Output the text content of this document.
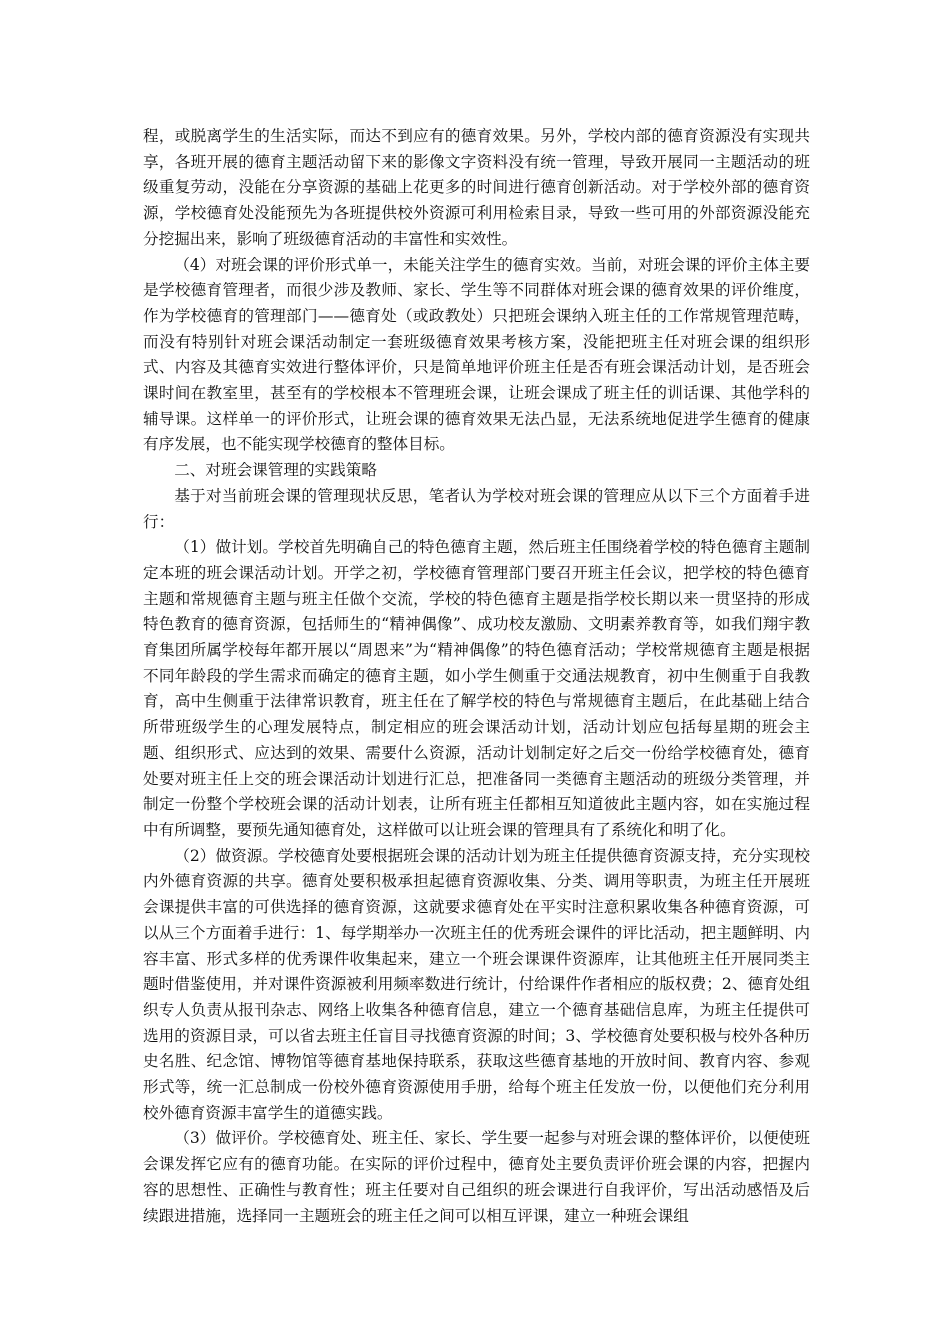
程，或脱离学生的生活实际，而达不到应有的德育效果。另外，学校内部的德育资源没有实现共享，各班开展的德育主题活动留下来的影像文字资料没有统一管理，导致开展同一主题活动的班级重复劳动，没能在分享资源的基础上花更多的时间进行德育创新活动。对于学校外部的德育资源，学校德育处没能预先为各班提供校外资源可利用检索目录，导致一些可用的外部资源没能充分挖掘出来，影响了班级德育活动的丰富性和实效性。

（4）对班会课的评价形式单一，未能关注学生的德育实效。当前，对班会课的评价主体主要是学校德育管理者，而很少涉及教师、家长、学生等不同群体对班会课的德育效果的评价维度，作为学校德育的管理部门——德育处（或政教处）只把班会课纳入班主任的工作常规管理范畴，而没有特别针对班会课活动制定一套班级德育效果考核方案，没能把班主任对班会课的组织形式、内容及其德育实效进行整体评价，只是简单地评价班主任是否有班会课活动计划，是否班会课时间在教室里，甚至有的学校根本不管理班会课，让班会课成了班主任的训话课、其他学科的辅导课。这样单一的评价形式，让班会课的德育效果无法凸显，无法系统地促进学生德育的健康有序发展，也不能实现学校德育的整体目标。

二、对班会课管理的实践策略

基于对当前班会课的管理现状反思，笔者认为学校对班会课的管理应从以下三个方面着手进行：

（1）做计划。学校首先明确自己的特色德育主题，然后班主任围绕着学校的特色德育主题制定本班的班会课活动计划。开学之初，学校德育管理部门要召开班主任会议，把学校的特色德育主题和常规德育主题与班主任做个交流，学校的特色德育主题是指学校长期以来一贯坚持的形成特色教育的德育资源，包括师生的“精神偶像”、成功校友激励、文明素养教育等，如我们翔宇教育集团所属学校每年都开展以“周恩来”为“精神偶像”的特色德育活动；学校常规德育主题是根据不同年龄段的学生需求而确定的德育主题，如小学生侧重于交通法规教育，初中生侧重于自我教育，高中生侧重于法律常识教育，班主任在了解学校的特色与常规德育主题后，在此基础上结合所带班级学生的心理发展特点，制定相应的班会课活动计划，活动计划应包括每星期的班会主题、组织形式、应达到的效果、需要什么资源，活动计划制定好之后交一份给学校德育处，德育处要对班主任上交的班会课活动计划进行汇总，把准备同一类德育主题活动的班级分类管理，并制定一份整个学校班会课的活动计划表，让所有班主任都相互知道彼此主题内容，如在实施过程中有所调整，要预先通知德育处，这样做可以让班会课的管理具有了系统化和明了化。

（2）做资源。学校德育处要根据班会课的活动计划为班主任提供德育资源支持，充分实现校内外德育资源的共享。德育处要积极承担起德育资源收集、分类、调用等职责，为班主任开展班会课提供丰富的可供选择的德育资源，这就要求德育处在平实时注意积累收集各种德育资源，可以从三个方面着手进行：1、每学期举办一次班主任的优秀班会课件的评比活动，把主题鲜明、内容丰富、形式多样的优秀课件收集起来，建立一个班会课课件资源库，让其他班主任开展同类主题时借鉴使用，并对课件资源被利用频率数进行统计，付给课件作者相应的版权费；2、德育处组织专人负责从报刊杂志、网络上收集各种德育信息，建立一个德育基础信息库，为班主任提供可选用的资源目录，可以省去班主任盲目寻找德育资源的时间；3、学校德育处要积极与校外各种历史名胜、纪念馆、博物馆等德育基地保持联系，获取这些德育基地的开放时间、教育内容、参观形式等，统一汇总制成一份校外德育资源使用手册，给每个班主任发放一份，以便他们充分利用校外德育资源丰富学生的道德实践。

（3）做评价。学校德育处、班主任、家长、学生要一起参与对班会课的整体评价，以便使班会课发挥它应有的德育功能。在实际的评价过程中，德育处主要负责评价班会课的内容，把握内容的思想性、正确性与教育性；班主任要对自己组织的班会课进行自我评价，写出活动感悟及后续跟进措施，选择同一主题班会的班主任之间可以相互评课，建立一种班会课组
